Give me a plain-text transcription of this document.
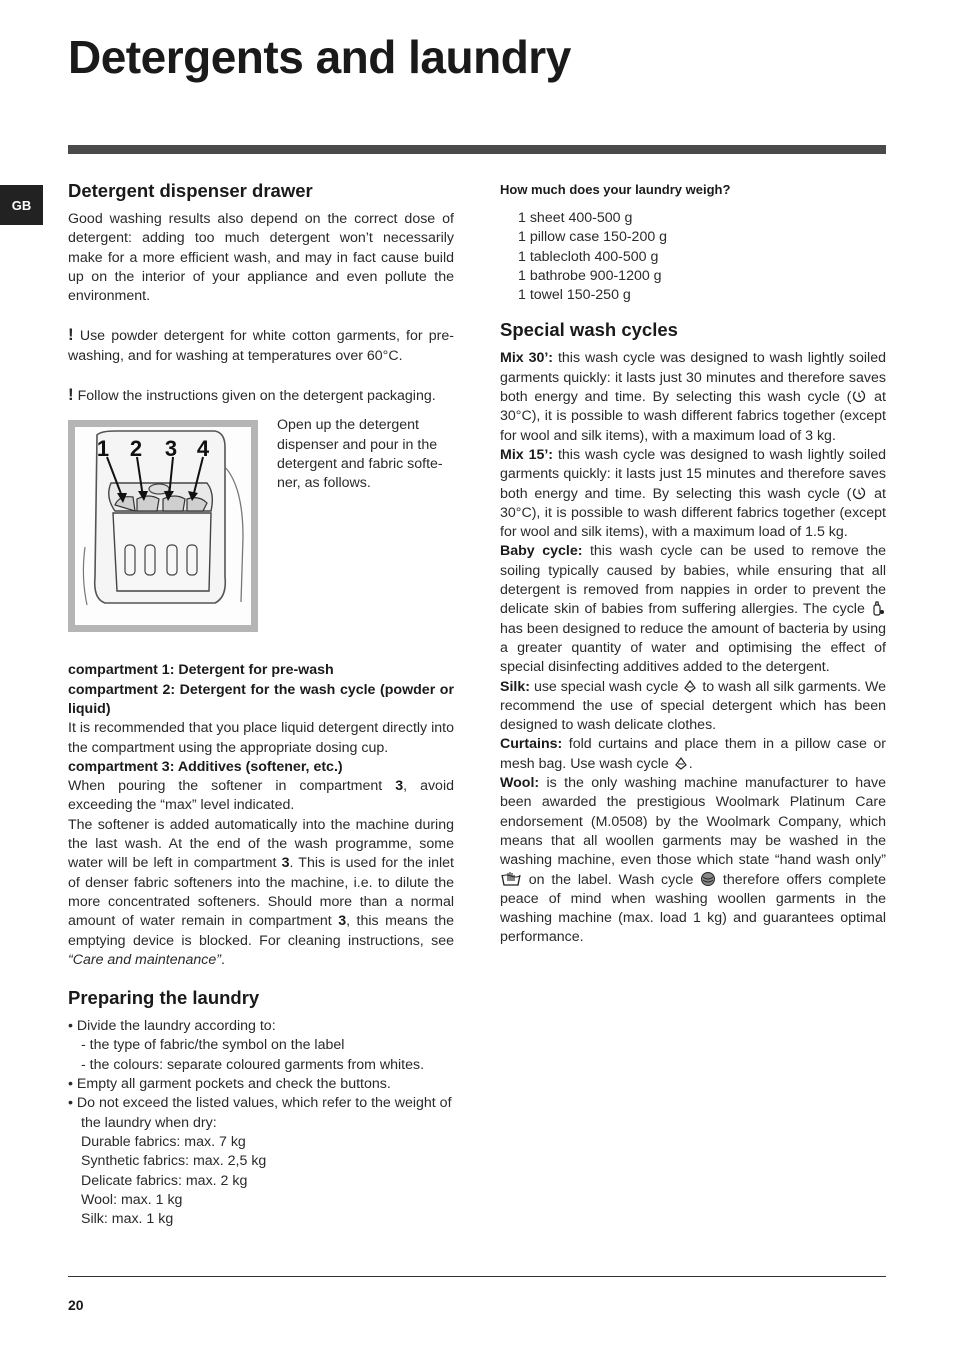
Detergents and laundry
GB
Detergent dispenser drawer

Good washing results also depend on the correct dose of detergent: adding too much detergent won’t necessarily make for a more efficient wash, and may in fact cause build up on the interior of your appliance and even pollute the environment.

! Use powder detergent for white cotton garments, for pre-washing, and for washing at temperatures over 60°C.

! Follow the instructions given on the detergent packaging.

1 2 3 4

Open up the detergent dispenser and pour in the detergent and fabric softe-ner, as follows.

compartment 1: Detergent for pre-wash

compartment 2: Detergent for the wash cycle (powder or liquid)

It is recommended that you place liquid detergent directly into the compartment using the appropriate dosing cup.

compartment 3: Additives (softener, etc.)

When pouring the softener in compartment 3, avoid exceeding the “max” level indicated.

The softener is added automatically into the machine during the last wash. At the end of the wash programme, some water will be left in compartment 3. This is used for the inlet of denser fabric softeners into the machine, i.e. to dilute the more concentrated softeners. Should more than a normal amount of water remain in compartment 3, this means the emptying device is blocked. For cleaning instructions, see “Care and maintenance”.

Preparing the laundry

• Divide the laundry according to:

- the type of fabric/the symbol on the label

- the colours: separate coloured garments from whites.

• Empty all garment pockets and check the buttons.

• Do not exceed the listed values, which refer to the weight of the laundry when dry:

Durable fabrics: max. 7 kg

Synthetic fabrics: max. 2,5 kg

Delicate fabrics: max. 2 kg

Wool: max. 1 kg

Silk: max. 1 kg

How much does your laundry weigh?

1 sheet 400-500 g

1 pillow case 150-200 g

1 tablecloth 400-500 g

1 bathrobe 900-1200 g

1 towel 150-250 g

Special wash cycles

Mix 30’: this wash cycle was designed to wash lightly soiled garments quickly: it lasts just 30 minutes and therefore saves both energy and time. By selecting this wash cycle ( at 30°C), it is possible to wash different fabrics together (except for wool and silk items), with a maximum load of 3 kg.

Mix 15’: this wash cycle was designed to wash lightly soiled garments quickly: it lasts just 15 minutes and therefore saves both energy and time. By selecting this wash cycle ( at 30°C), it is possible to wash different fabrics together (except for wool and silk items), with a maximum load of 1.5 kg.

Baby cycle: this wash cycle can be used to remove the soiling typically caused by babies, while ensuring that all detergent is removed from nappies in order to prevent the delicate skin of babies from suffering allergies. The cycle  has been designed to reduce the amount of bacteria by using a greater quantity of water and optimising the effect of special disinfecting additives added to the detergent.

Silk: use special wash cycle  to wash all silk garments. We recommend the use of special detergent which has been designed to wash delicate clothes.

Curtains: fold curtains and place them in a pillow case or mesh bag. Use wash cycle .

Wool: is the only washing machine manufacturer to have been awarded the prestigious Woolmark Platinum Care endorsement (M.0508) by the Woolmark Company, which means that all woollen garments may be washed in the washing machine, even those which state “hand wash only”  on the label. Wash cycle  therefore offers complete peace of mind when washing woollen garments in the washing machine (max. load 1 kg) and guarantees optimal performance.

20
